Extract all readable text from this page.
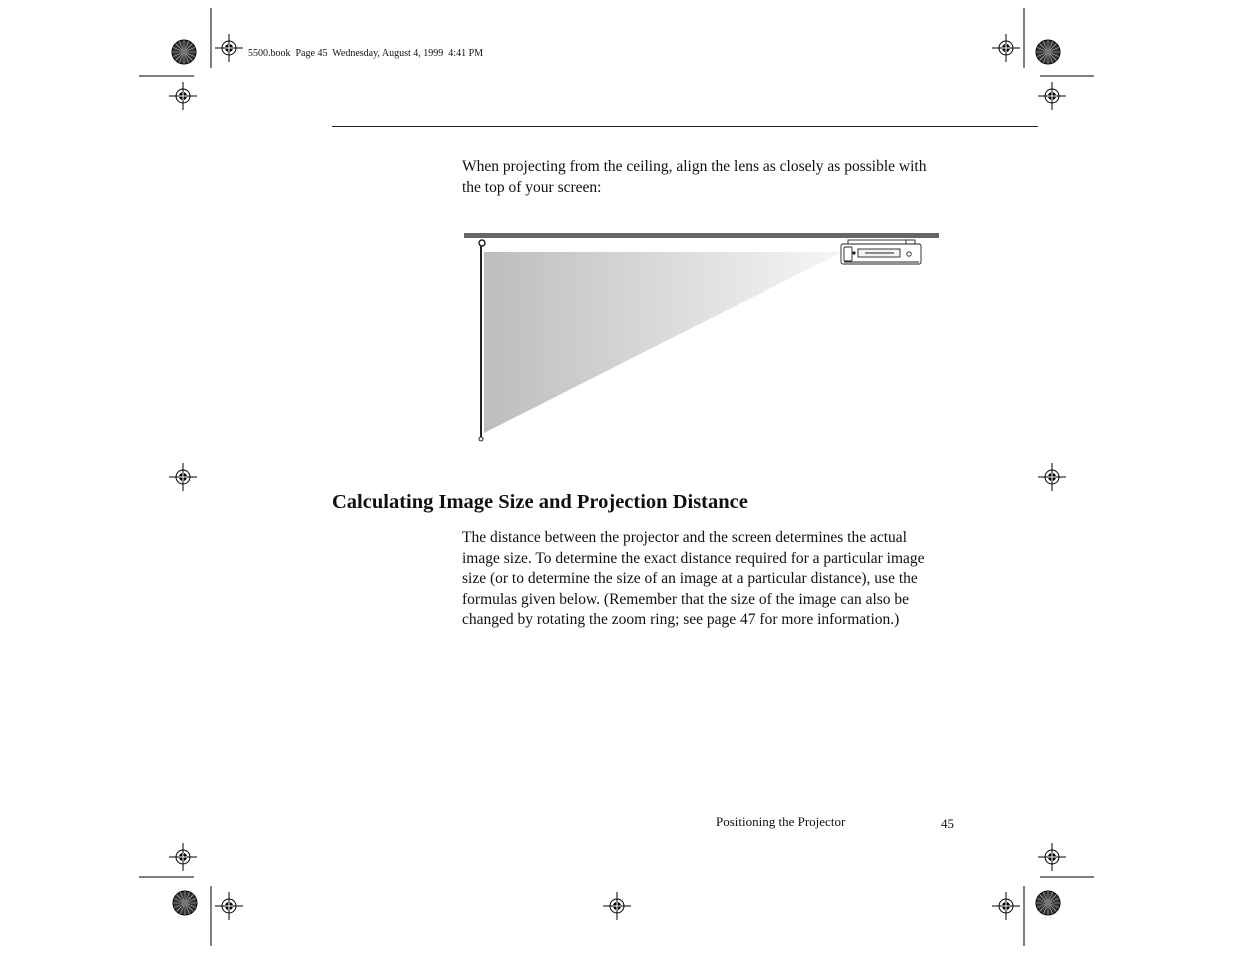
5500.book  Page 45  Wednesday, August 4, 1999  4:41 PM
When projecting from the ceiling, align the lens as closely as possible with the top of your screen:
Calculating Image Size and Projection Distance
The distance between the projector and the screen determines the actual image size. To determine the exact distance required for a particular image size (or to determine the size of an image at a particular distance), use the formulas given below. (Remember that the size of the image can also be changed by rotating the zoom ring; see page 47 for more information.)
Positioning the Projector	45
